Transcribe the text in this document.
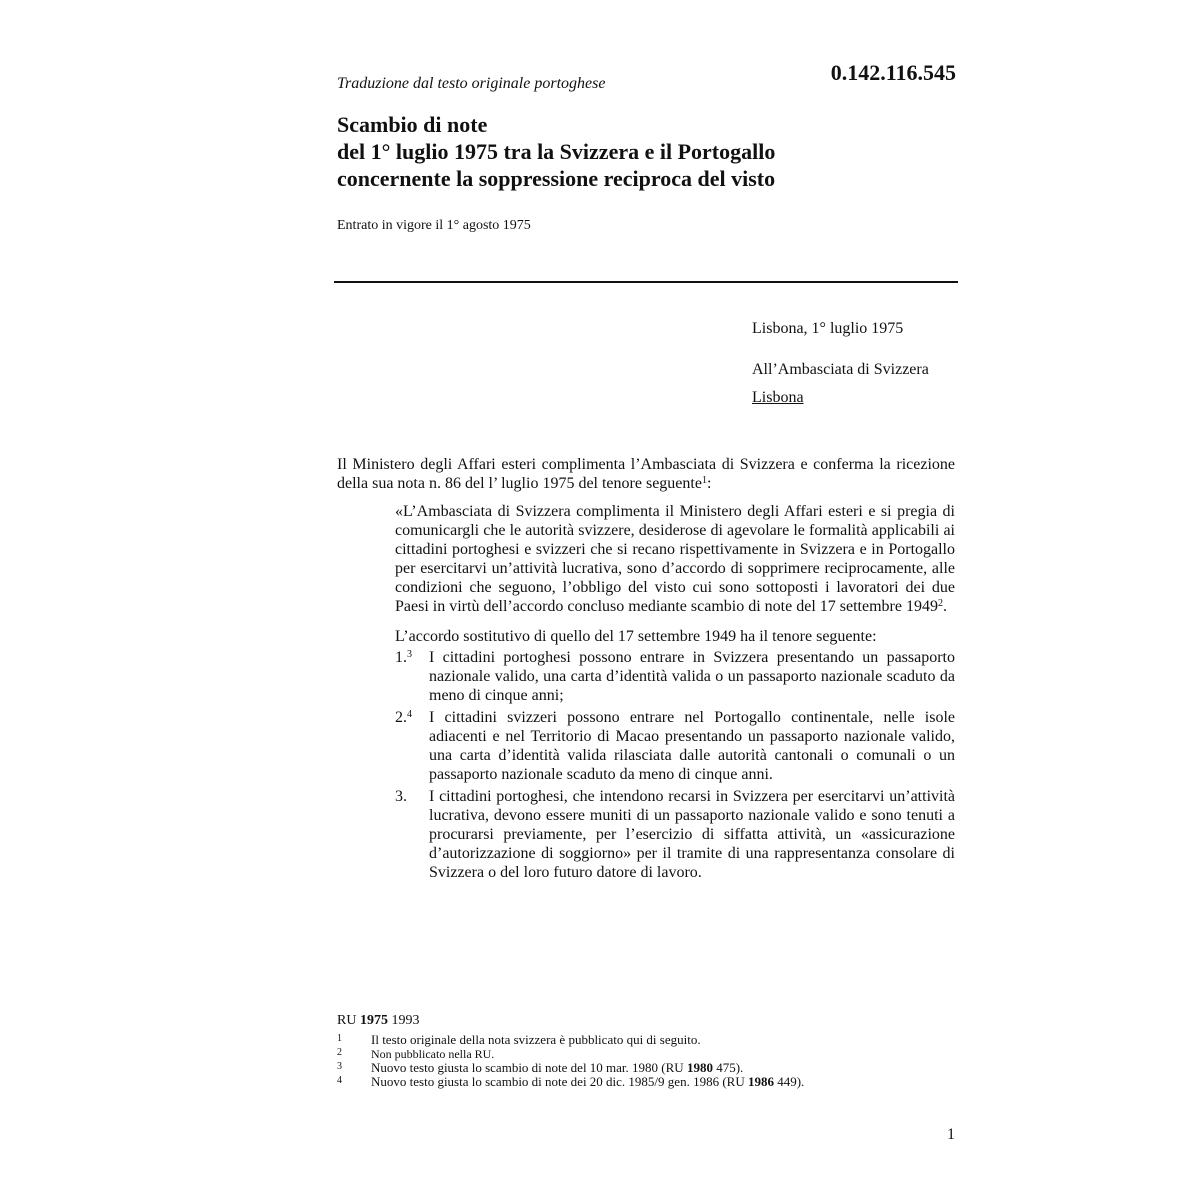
Traduzione dal testo originale portoghese	0.142.116.545
Scambio di note
del 1° luglio 1975 tra la Svizzera e il Portogallo
concernente la soppressione reciproca del visto
Entrato in vigore il 1° agosto 1975
Lisbona, 1° luglio 1975
All’Ambasciata di Svizzera
Lisbona
Il Ministero degli Affari esteri complimenta l’Ambasciata di Svizzera e conferma la ricezione della sua nota n. 86 del l’ luglio 1975 del tenore seguente$^1$:

«L’Ambasciata di Svizzera complimenta il Ministero degli Affari esteri e si pregia di comunicargli che le autorità svizzere, desiderose di agevolare le formalità applicabili ai cittadini portoghesi e svizzeri che si recano rispettivamente in Svizzera e in Portogallo per esercitarvi un’attività lucrativa, sono d’accordo di sopprimere reciprocamente, alle condizioni che seguono, l’obbligo del visto cui sono sottoposti i lavoratori dei due Paesi in virtù dell’accordo concluso mediante scambio di note del 17 settembre 1949$^2$.

L’accordo sostitutivo di quello del 17 settembre 1949 ha il tenore seguente:

1.$^3$	I cittadini portoghesi possono entrare in Svizzera presentando un passaporto nazionale valido, una carta d’identità valida o un passaporto nazionale scaduto da meno di cinque anni;
2.$^4$	I cittadini svizzeri possono entrare nel Portogallo continentale, nelle isole adiacenti e nel Territorio di Macao presentando un passaporto nazionale valido, una carta d’identità valida rilasciata dalle autorità cantonali o comunali o un passaporto nazionale scaduto da meno di cinque anni.
3.	I cittadini portoghesi, che intendono recarsi in Svizzera per esercitarvi un’attività lucrativa, devono essere muniti di un passaporto nazionale valido e sono tenuti a procurarsi previamente, per l’esercizio di siffatta attività, un «assicurazione d’autorizzazione di soggiorno» per il tramite di una rappresentanza consolare di Svizzera o del loro futuro datore di lavoro.
RU 1975 1993
1	Il testo originale della nota svizzera è pubblicato qui di seguito.
2	Non pubblicato nella RU.
3	Nuovo testo giusta lo scambio di note del 10 mar. 1980 (RU 1980 475).
4	Nuovo testo giusta lo scambio di note dei 20 dic. 1985/9 gen. 1986 (RU 1986 449).
1
